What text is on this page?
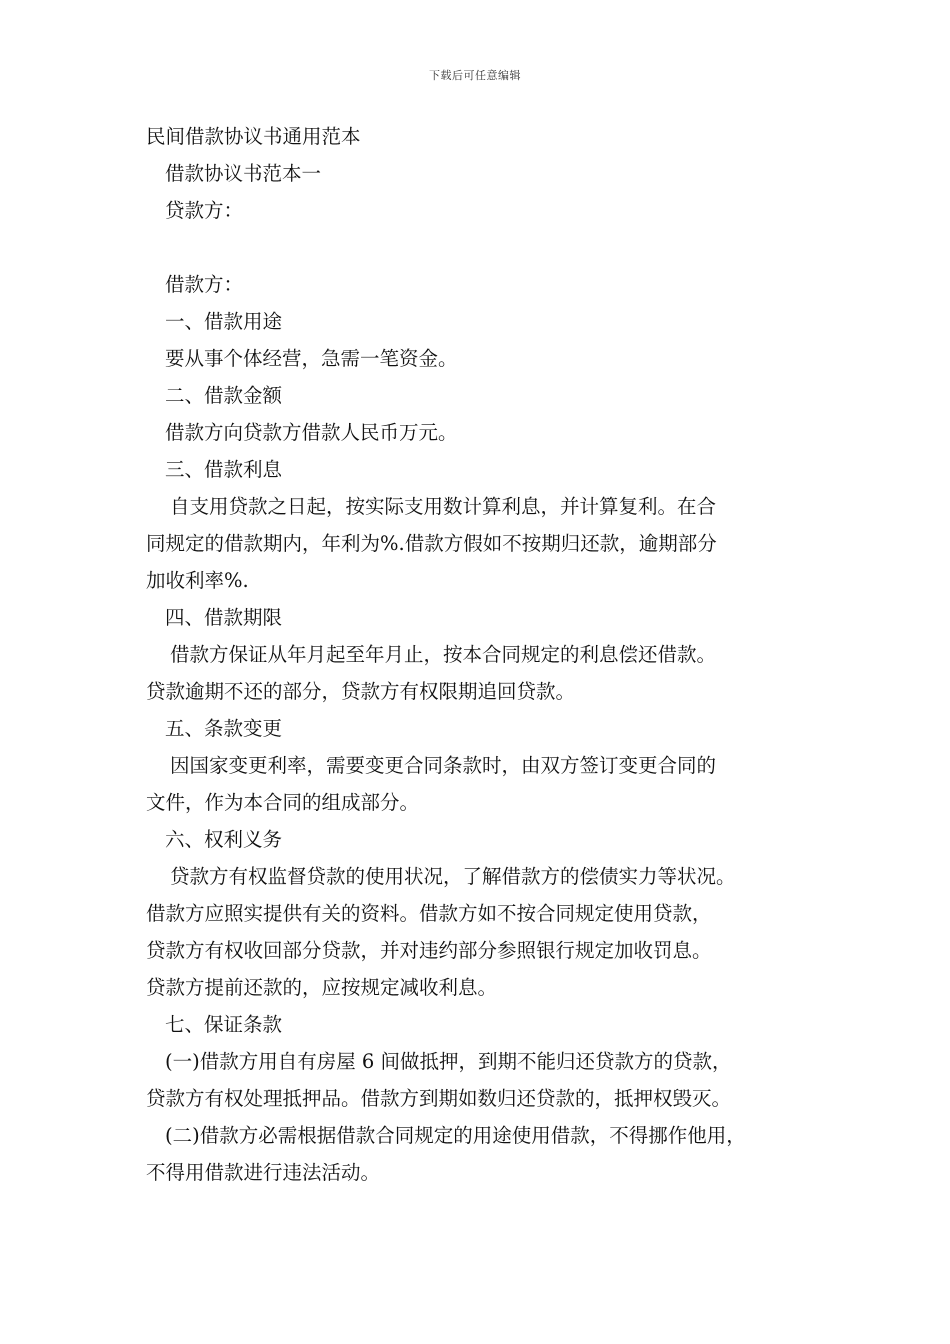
下载后可任意编辑

民间借款协议书通用范本

借款协议书范本一

贷款方：

借款方：

一、借款用途

要从事个体经营，急需一笔资金。

二、借款金额

借款方向贷款方借款人民币万元。

三、借款利息

自支用贷款之日起，按实际支用数计算利息，并计算复利。在合

同规定的借款期内，年利为%.借款方假如不按期归还款，逾期部分

加收利率%.

四、借款期限

借款方保证从年月起至年月止，按本合同规定的利息偿还借款。

贷款逾期不还的部分，贷款方有权限期追回贷款。

五、条款变更

因国家变更利率，需要变更合同条款时，由双方签订变更合同的

文件，作为本合同的组成部分。

六、权利义务

贷款方有权监督贷款的使用状况，了解借款方的偿债实力等状况。

借款方应照实提供有关的资料。借款方如不按合同规定使用贷款，

贷款方有权收回部分贷款，并对违约部分参照银行规定加收罚息。

贷款方提前还款的，应按规定减收利息。

七、保证条款

(一)借款方用自有房屋 6 间做抵押，到期不能归还贷款方的贷款，

贷款方有权处理抵押品。借款方到期如数归还贷款的，抵押权毁灭。

(二)借款方必需根据借款合同规定的用途使用借款，不得挪作他用，

不得用借款进行违法活动。
